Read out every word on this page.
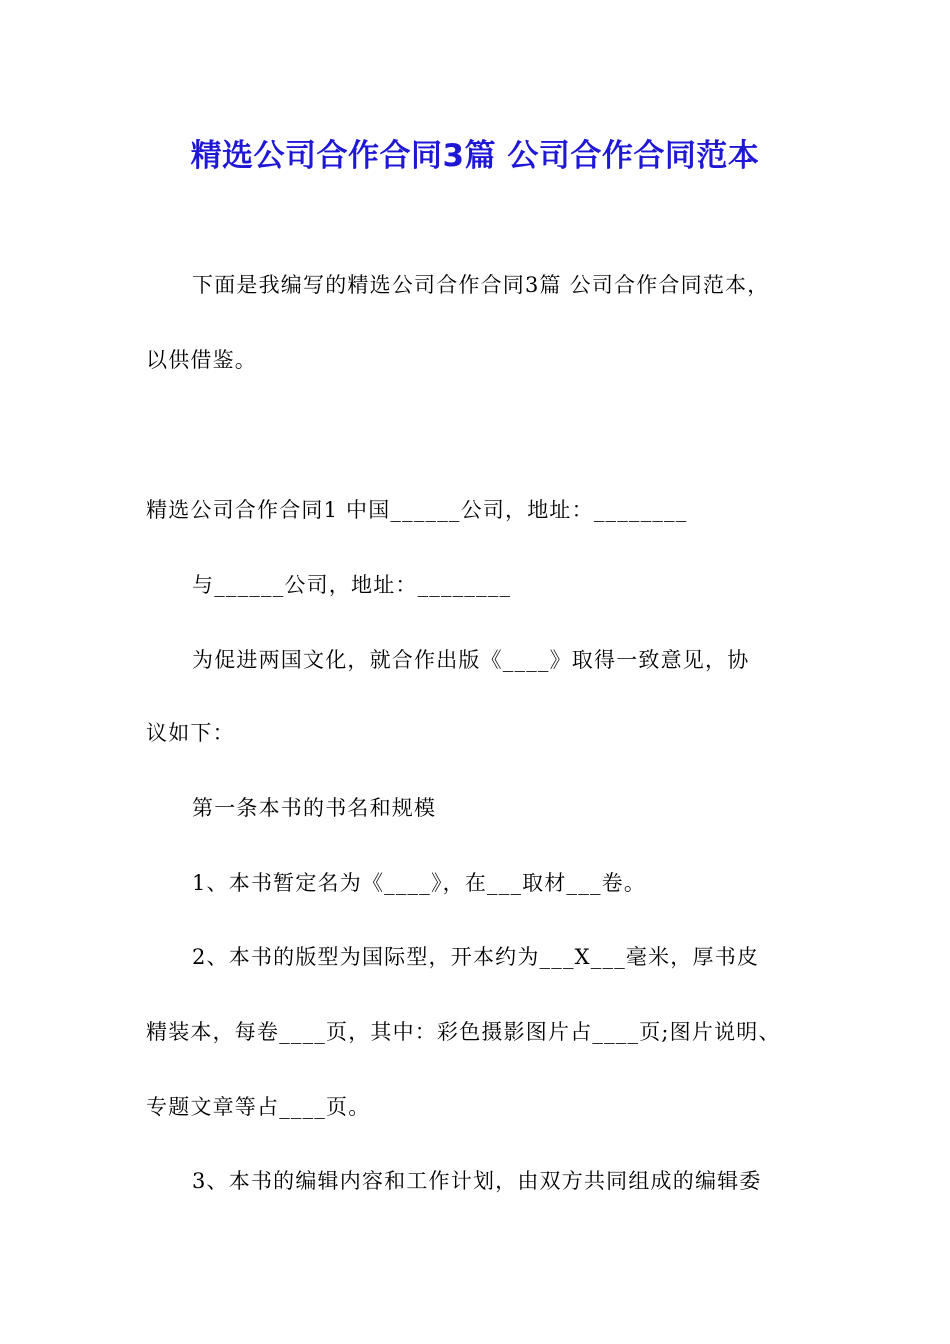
精选公司合作合同3篇 公司合作合同范本
下面是我编写的精选公司合作合同3篇 公司合作合同范本，
以供借鉴。
精选公司合作合同1 中国______公司，地址：________
与______公司，地址：________
为促进两国文化，就合作出版《____》取得一致意见，协
议如下：
第一条本书的书名和规模
1、本书暂定名为《____》，在___取材___卷。
2、本书的版型为国际型，开本约为___X___毫米，厚书皮
精装本，每卷____页，其中：彩色摄影图片占____页;图片说明、
专题文章等占____页。
3、本书的编辑内容和工作计划，由双方共同组成的编辑委
